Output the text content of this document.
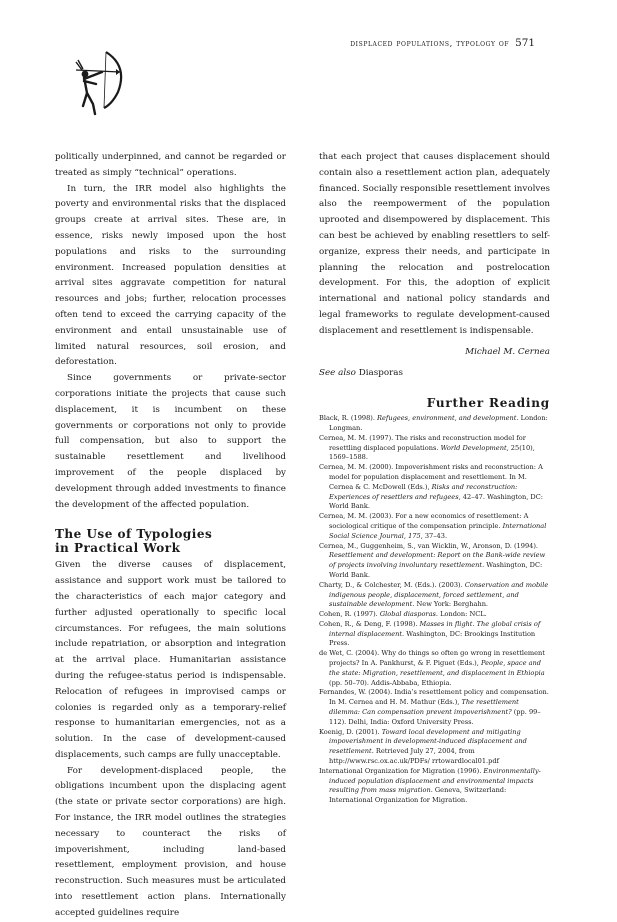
displaced populations, typology of 571

politically underpinned, and cannot be regarded or treated as simply “technical” operations.

In turn, the IRR model also highlights the poverty and environmental risks that the displaced groups create at arrival sites. These are, in essence, risks newly imposed upon the host populations and risks to the surrounding environment. Increased population densities at arrival sites aggravate competition for natural resources and jobs; further, relocation processes often tend to exceed the carrying capacity of the environment and entail unsustainable use of limited natural resources, soil erosion, and deforestation.

Since governments or private-sector corporations initiate the projects that cause such displacement, it is incumbent on these governments or corporations not only to provide full compensation, but also to support the sustainable resettlement and livelihood improvement of the people displaced by development through added investments to finance the development of the affected population.

The Use of Typologies
in Practical Work

Given the diverse causes of displacement, assistance and support work must be tailored to the characteristics of each major category and further adjusted operationally to specific local circumstances. For refugees, the main solutions include repatriation, or absorption and integration at the arrival place. Humanitarian assistance during the refugee-status period is indispensable. Relocation of refugees in improvised camps or colonies is regarded only as a temporary-relief response to humanitarian emergencies, not as a solution. In the case of development-caused displacements, such camps are fully unacceptable.

For development-displaced people, the obligations incumbent upon the displacing agent (the state or private sector corporations) are high. For instance, the IRR model outlines the strategies necessary to counteract the risks of impoverishment, including land-based resettlement, employment provision, and house reconstruction. Such measures must be articulated into resettlement action plans. Internationally accepted guidelines require

that each project that causes displacement should contain also a resettlement action plan, adequately financed. Socially responsible resettlement involves also the reempowerment of the population uprooted and disempowered by displacement. This can best be achieved by enabling resettlers to self-organize, express their needs, and participate in planning the relocation and postrelocation development. For this, the adoption of explicit international and national policy standards and legal frameworks to regulate development-caused displacement and resettlement is indispensable.

Michael M. Cernea

See also Diasporas

Further Reading
Black, R. (1998). Refugees, environment, and development. London: Longman.
Cernea, M. M. (1997). The risks and reconstruction model for resettling displaced populations. World Development, 25(10), 1569–1588.
Cernea, M. M. (2000). Impoverishment risks and reconstruction: A model for population displacement and resettlement. In M. Cernea & C. McDowell (Eds.), Risks and reconstruction: Experiences of resettlers and refugees, 42–47. Washington, DC: World Bank.
Cernea, M. M. (2003). For a new economics of resettlement: A sociological critique of the compensation principle. International Social Science Journal, 175, 37–43.
Cernea, M., Guggenheim, S., van Wicklin, W., Aronson, D. (1994). Resettlement and development: Report on the Bank-wide review of projects involving involuntary resettlement. Washington, DC: World Bank.
Charty, D., & Colchester, M. (Eds.). (2003). Conservation and mobile indigenous people, displacement, forced settlement, and sustainable development. New York: Berghahn.
Cohen, R. (1997). Global diasporas. London: NCL.
Cohen, R., & Deng, F. (1998). Masses in flight. The global crisis of internal displacement. Washington, DC: Brookings Institution Press.
de Wet, C. (2004). Why do things so often go wrong in resettlement projects? In A. Pankhurst, & F. Piguet (Eds.), People, space and the state: Migration, resettlement, and displacement in Ethiopia (pp. 50–70). Addis-Abbaba, Ethiopia.
Fernandes, W. (2004). India’s resettlement policy and compensation. In M. Cernea and H. M. Mathur (Eds.), The resettlement dilemma: Can compensation prevent impoverishment? (pp. 99–112). Delhi, India: Oxford University Press.
Koenig, D. (2001). Toward local development and mitigating impoverishment in development-induced displacement and resettlement. Retrieved July 27, 2004, from http://www.rsc.ox.ac.uk/PDFs/ rrtowardlocal01.pdf
International Organization for Migration (1996). Environmentally-induced population displacement and environmental impacts resulting from mass migration. Geneva, Switzerland: International Organization for Migration.
